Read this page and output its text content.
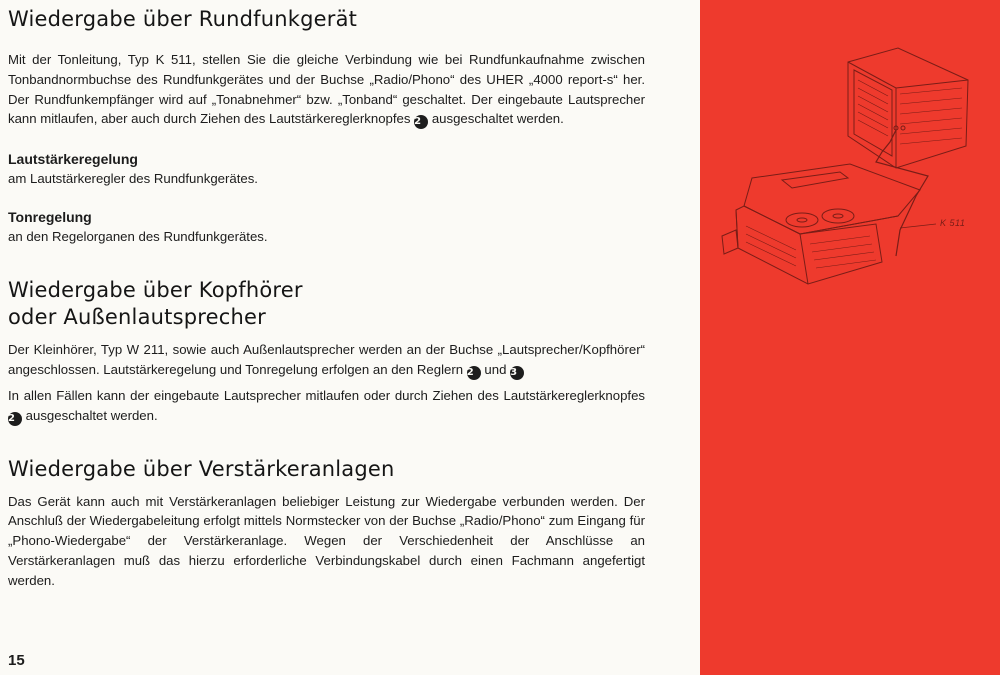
Wiedergabe über Rundfunkgerät

Mit der Tonleitung, Typ K 511, stellen Sie die gleiche Verbindung wie bei Rundfunkaufnahme zwischen Tonbandnormbuchse des Rundfunkgerätes und der Buchse „Radio/Phono“ des UHER „4000 report-s“ her. Der Rundfunkempfänger wird auf „Tonabnehmer“ bzw. „Tonband“ geschaltet. Der eingebaute Lautsprecher kann mitlaufen, aber auch durch Ziehen des Lautstärkereglerknopfes 2 ausgeschaltet werden.

Lautstärkeregelung

am Lautstärkeregler des Rundfunkgerätes.

Tonregelung

an den Regelorganen des Rundfunkgerätes.

Wiedergabe über Kopfhörer
oder Außenlautsprecher

Der Kleinhörer, Typ W 211, sowie auch Außenlautsprecher werden an der Buchse „Lautsprecher/Kopfhörer“ angeschlossen. Lautstärkeregelung und Tonregelung erfolgen an den Reglern 2 und 3

In allen Fällen kann der eingebaute Lautsprecher mitlaufen oder durch Ziehen des Lautstärkereglerknopfes 2 ausgeschaltet werden.

Wiedergabe über Verstärkeranlagen

Das Gerät kann auch mit Verstärkeranlagen beliebiger Leistung zur Wiedergabe verbunden werden. Der Anschluß der Wiedergabeleitung erfolgt mittels Normstecker von der Buchse „Radio/Phono“ zum Eingang für „Phono-Wiedergabe“ der Verstärkeranlage. Wegen der Verschiedenheit der Anschlüsse an Verstärkeranlagen muß das hierzu erforderliche Verbindungskabel durch einen Fachmann angefertigt werden.

15
K 511
